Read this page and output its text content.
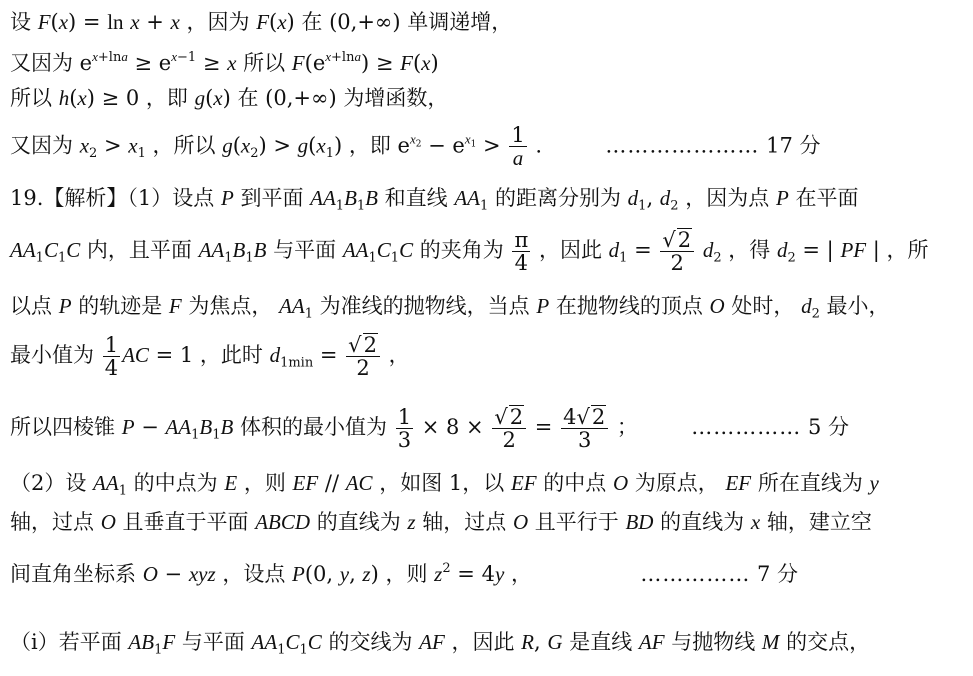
设 F(x) = ln x + x ，因为 F(x) 在 (0,+∞) 单调递增，
又因为 $e^{x+lna} \ge e^{x-1} \ge x$ 所以 $F(e^{x+lna}) \ge F(x)$
所以 h(x) ≥ 0 ，即 g(x) 在 (0,+∞) 为增函数，
又因为 $x_2 > x_1$ ，所以 $g(x_2) > g(x_1)$ ，即 $e^{x2} - e^{x1} > \frac{1}{a}$ .	………………… 17 分
19.【解析】（1）设点 P 到平面 $AA_1B_1B$ 和直线 $AA_1$ 的距离分别为 $d_1$, $d_2$ ，因为点 P 在平面
$AA_1C_1C$ 内，且平面 $AA_1B_1B$ 与平面 $AA_1C_1C$ 的夹角为 $\frac{\pi}{4}$ ，因此 $d_1 = \frac{√2}{2} d_2$ ，得 $d_2$ = | PF | ，所
以点 P 的轨迹是 F 为焦点， $AA_1$ 为准线的抛物线，当点 P 在抛物线的顶点 O 处时， $d_2$ 最小，
最小值为 $\frac{1}{4}$ AC = 1 ，此时 $d_{1min} = \frac{√2}{2}$ ，
所以四棱锥 $P - AA_1B_1B$ 体积的最小值为 $\frac{1}{3} \times 8 \times \frac{√2}{2} = \frac{4√2}{3}$ ；  …………… 5 分
（2）设 $AA_1$ 的中点为 E ，则 EF // AC ，如图 1，以 EF 的中点 O 为原点， EF 所在直线为 y
轴，过点 O 且垂直于平面 ABCD 的直线为 z 轴，过点 O 且平行于 BD 的直线为 x 轴，建立空
间直角坐标系 O − xyz ，设点 P(0, y, z) ，则 $z^2 = 4y$ ，	…………… 7 分
（i）若平面 $AB_1F$ 与平面 $AA_1C_1C$ 的交线为 AF ，因此 R, G 是直线 AF 与抛物线 M 的交点，
